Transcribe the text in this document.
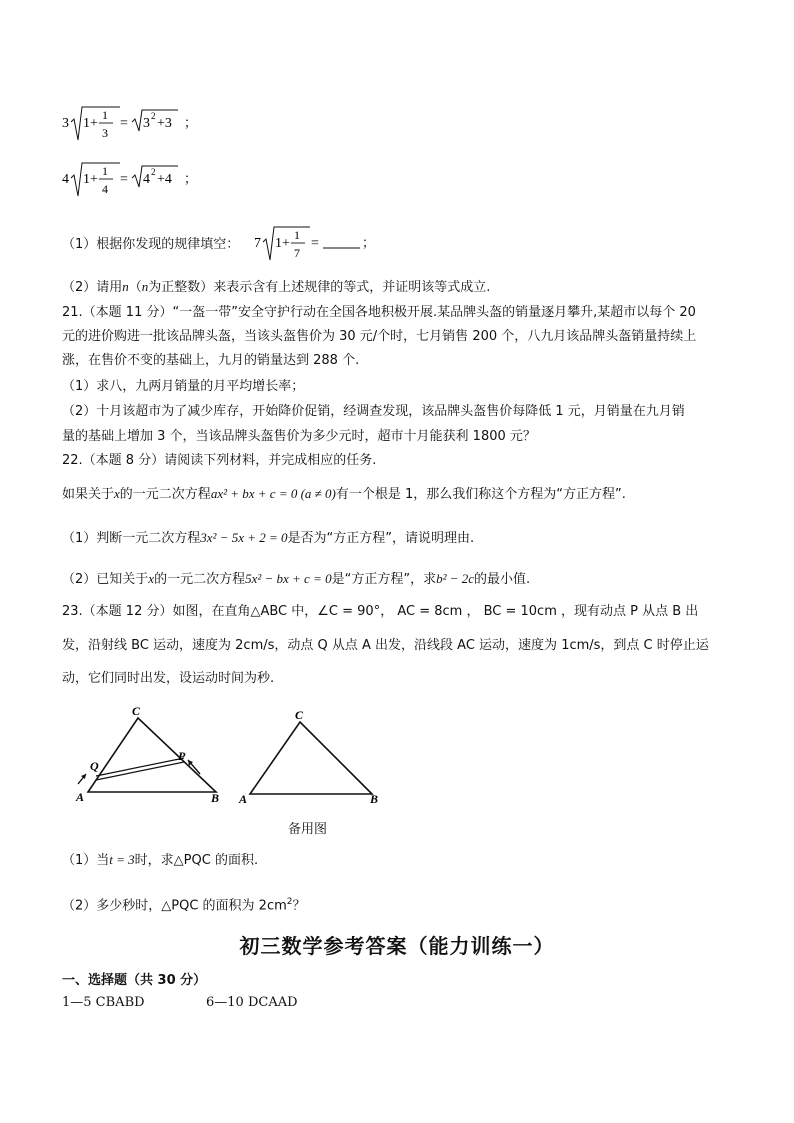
3 1+
1
3
= 3 2 +3 ；
4 1+
1
4
= 4 2 +4 ；
（1）根据你发现的规律填空： 7 1+
1
7
=	；
（2）请用n（n为正整数）来表示含有上述规律的等式，并证明该等式成立.
21.（本题 11 分）“一盔一带”安全守护行动在全国各地积极开展.某品牌头盔的销量逐月攀升,某超市以每个 20
元的进价购进一批该品牌头盔，当该头盔售价为 30 元/个时，七月销售 200 个，八九月该品牌头盔销量持续上
涨，在售价不变的基础上，九月的销量达到 288 个.
（1）求八，九两月销量的月平均增长率；
（2）十月该超市为了减少库存，开始降价促销，经调查发现，该品牌头盔售价每降低 1 元，月销量在九月销
量的基础上增加 3 个，当该品牌头盔售价为多少元时，超市十月能获利 1800 元？
22.（本题 8 分）请阅读下列材料，并完成相应的任务.
如果关于x的一元二次方程ax² + bx + c = 0 (a ≠ 0)有一个根是 1，那么我们称这个方程为“方正方程”.
（1）判断一元二次方程3x² − 5x + 2 = 0是否为“方正方程”，请说明理由.
（2）已知关于x的一元二次方程5x² − bx + c = 0是“方正方程”，求b² − 2c的最小值.
23.（本题 12 分）如图，在直角△ABC 中，∠C = 90°， AC = 8cm ， BC = 10cm ，现有动点 P 从点 B 出
发，沿射线 BC 运动，速度为 2cm/s，动点 Q 从点 A 出发，沿线段 AC 运动，速度为 1cm/s，到点 C 时停止运
动，它们同时出发，设运动时间为秒.
C
A	B
P
Q
C
A	B
备用图
（1）当t = 3时，求△PQC 的面积.
（2）多少秒时，△PQC 的面积为 $2cm^2$？
初三数学参考答案（能力训练一）
一、选择题（共 30 分）
1—5 CBABD	6—10 DCAAD
